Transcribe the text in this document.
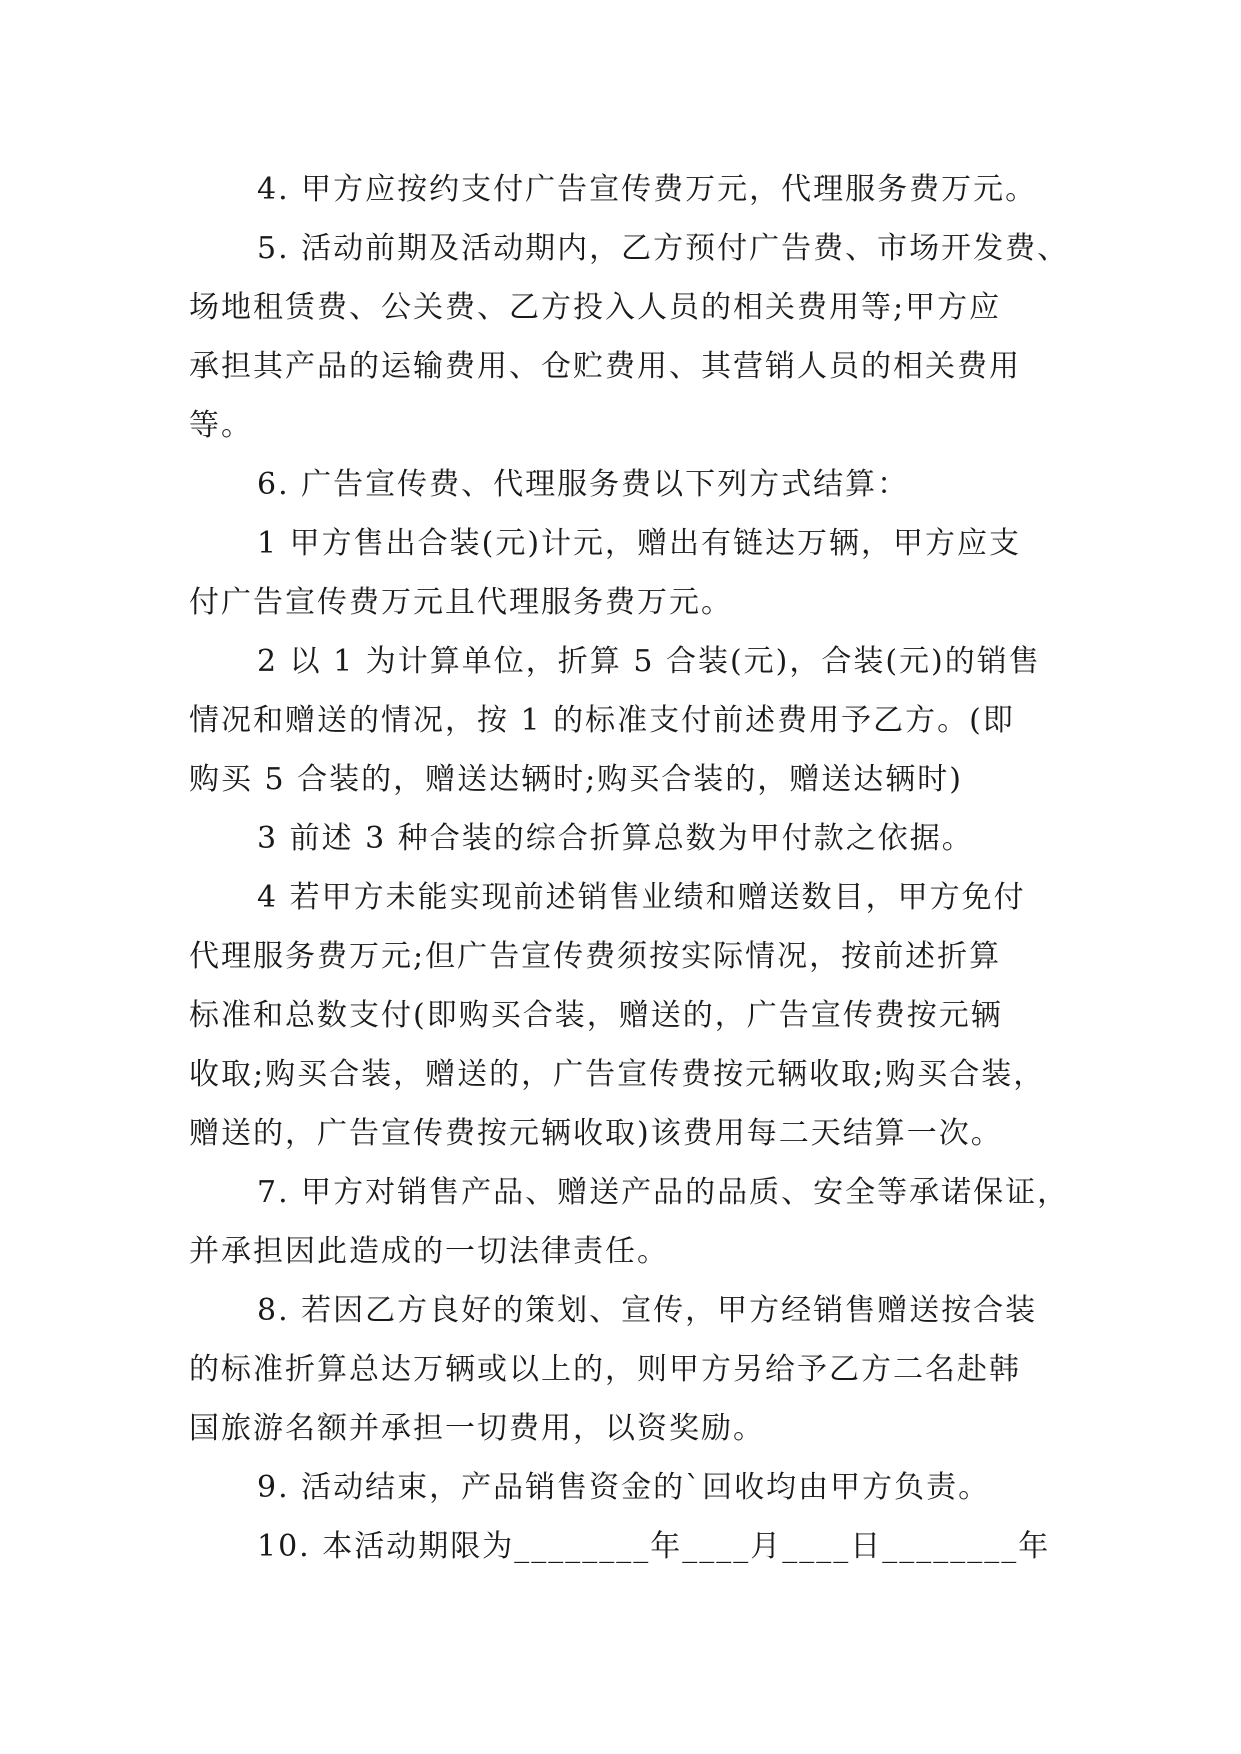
4. 甲方应按约支付广告宣传费万元，代理服务费万元。
5. 活动前期及活动期内，乙方预付广告费、市场开发费、
场地租赁费、公关费、乙方投入人员的相关费用等;甲方应
承担其产品的运输费用、仓贮费用、其营销人员的相关费用
等。
6. 广告宣传费、代理服务费以下列方式结算：
1 甲方售出合装(元)计元，赠出有链达万辆，甲方应支
付广告宣传费万元且代理服务费万元。
2 以 1 为计算单位，折算 5 合装(元)，合装(元)的销售
情况和赠送的情况，按 1 的标准支付前述费用予乙方。(即
购买 5 合装的，赠送达辆时;购买合装的，赠送达辆时)
3 前述 3 种合装的综合折算总数为甲付款之依据。
4 若甲方未能实现前述销售业绩和赠送数目，甲方免付
代理服务费万元;但广告宣传费须按实际情况，按前述折算
标准和总数支付(即购买合装，赠送的，广告宣传费按元辆
收取;购买合装，赠送的，广告宣传费按元辆收取;购买合装，
赠送的，广告宣传费按元辆收取)该费用每二天结算一次。
7. 甲方对销售产品、赠送产品的品质、安全等承诺保证，
并承担因此造成的一切法律责任。
8. 若因乙方良好的策划、宣传，甲方经销售赠送按合装
的标准折算总达万辆或以上的，则甲方另给予乙方二名赴韩
国旅游名额并承担一切费用，以资奖励。
9. 活动结束，产品销售资金的`回收均由甲方负责。
10. 本活动期限为________年____月____日________年
